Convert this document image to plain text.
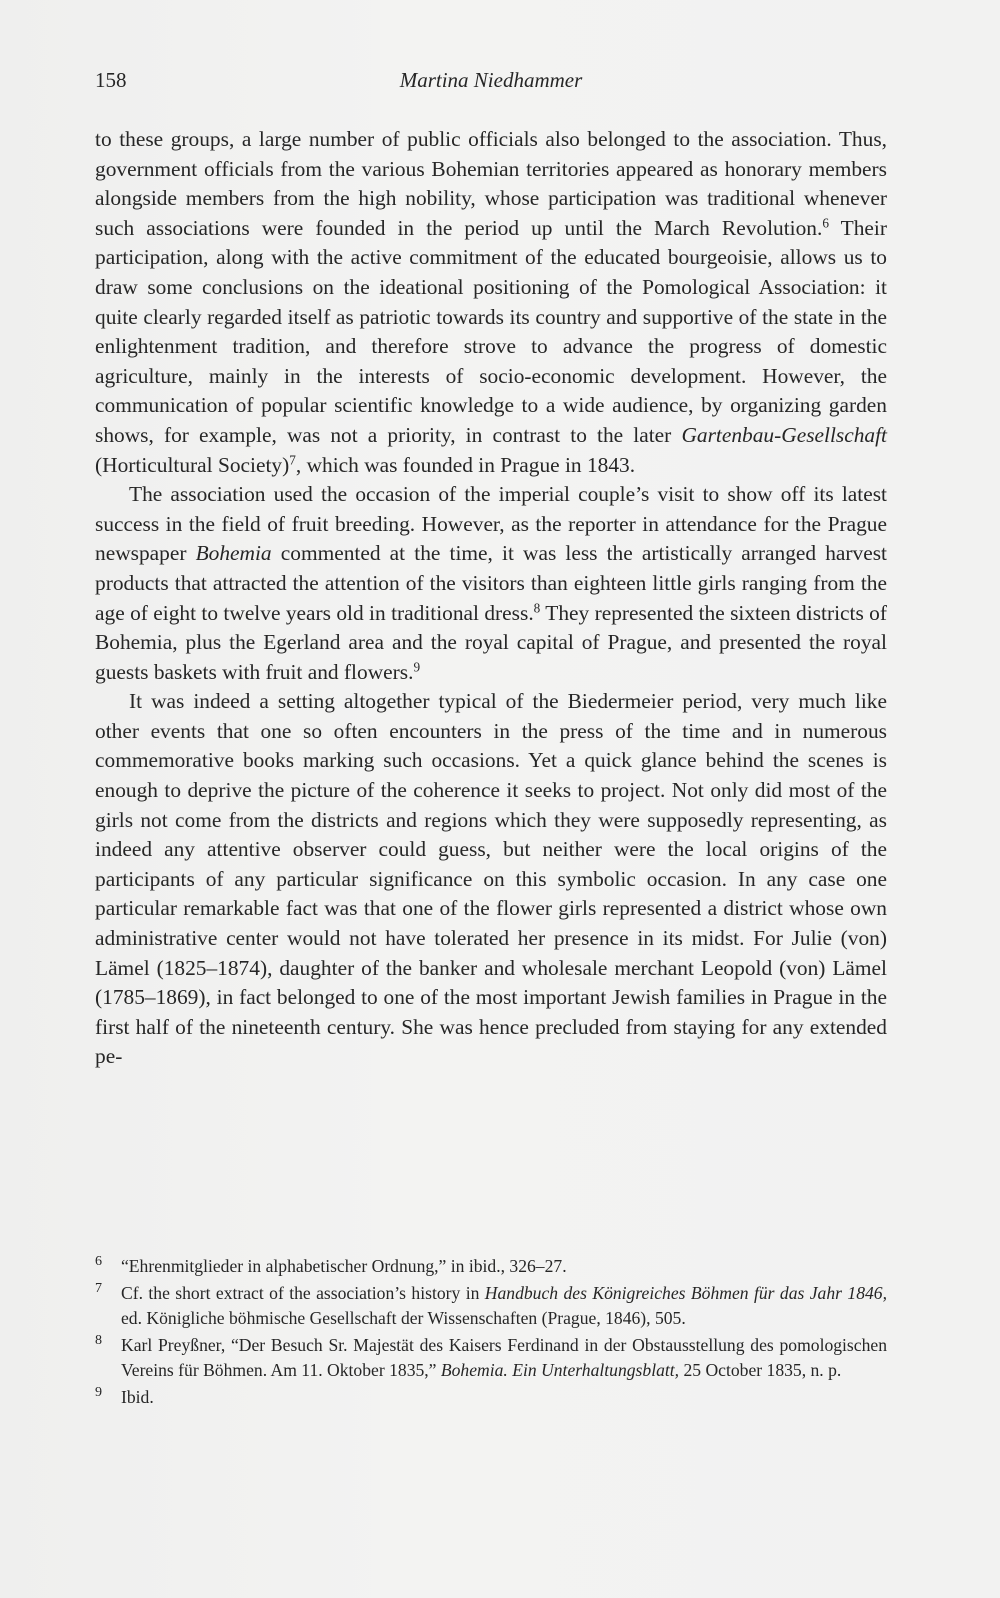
158	Martina Niedhammer

to these groups, a large number of public officials also belonged to the association. Thus, government officials from the various Bohemian territories appeared as honorary members alongside members from the high nobility, whose participation was traditional whenever such associations were founded in the period up until the March Revolution.$^6$ Their participation, along with the active commitment of the educated bourgeoisie, allows us to draw some conclusions on the ideational positioning of the Pomological Association: it quite clearly regarded itself as patriotic towards its country and supportive of the state in the enlightenment tradition, and therefore strove to advance the progress of domestic agriculture, mainly in the interests of socio-economic development. However, the communication of popular scientific knowledge to a wide audience, by organizing garden shows, for example, was not a priority, in contrast to the later Gartenbau-Gesellschaft (Horticultural Society)$^7$, which was founded in Prague in 1843.

The association used the occasion of the imperial couple’s visit to show off its latest success in the field of fruit breeding. However, as the reporter in attendance for the Prague newspaper Bohemia commented at the time, it was less the artistically arranged harvest products that attracted the attention of the visitors than eighteen little girls ranging from the age of eight to twelve years old in traditional dress.$^8$ They represented the sixteen districts of Bohemia, plus the Egerland area and the royal capital of Prague, and presented the royal guests baskets with fruit and flowers.$^9$

It was indeed a setting altogether typical of the Biedermeier period, very much like other events that one so often encounters in the press of the time and in numerous commemorative books marking such occasions. Yet a quick glance behind the scenes is enough to deprive the picture of the coherence it seeks to project. Not only did most of the girls not come from the districts and regions which they were supposedly representing, as indeed any attentive observer could guess, but neither were the local origins of the participants of any particular significance on this symbolic occasion. In any case one particular remarkable fact was that one of the flower girls represented a district whose own administrative center would not have tolerated her presence in its midst. For Julie (von) Lämel (1825–1874), daughter of the banker and wholesale merchant Leopold (von) Lämel (1785–1869), in fact belonged to one of the most important Jewish families in Prague in the first half of the nineteenth century. She was hence precluded from staying for any extended pe-

6 “Ehrenmitglieder in alphabetischer Ordnung,” in ibid., 326–27.
7 Cf. the short extract of the association’s history in Handbuch des Königreiches Böhmen für das Jahr 1846, ed. Königliche böhmische Gesellschaft der Wissenschaften (Prague, 1846), 505.
8 Karl Preyßner, “Der Besuch Sr. Majestät des Kaisers Ferdinand in der Obstausstellung des pomologischen Vereins für Böhmen. Am 11. Oktober 1835,” Bohemia. Ein Unterhaltungsblatt, 25 October 1835, n. p.
9 Ibid.
